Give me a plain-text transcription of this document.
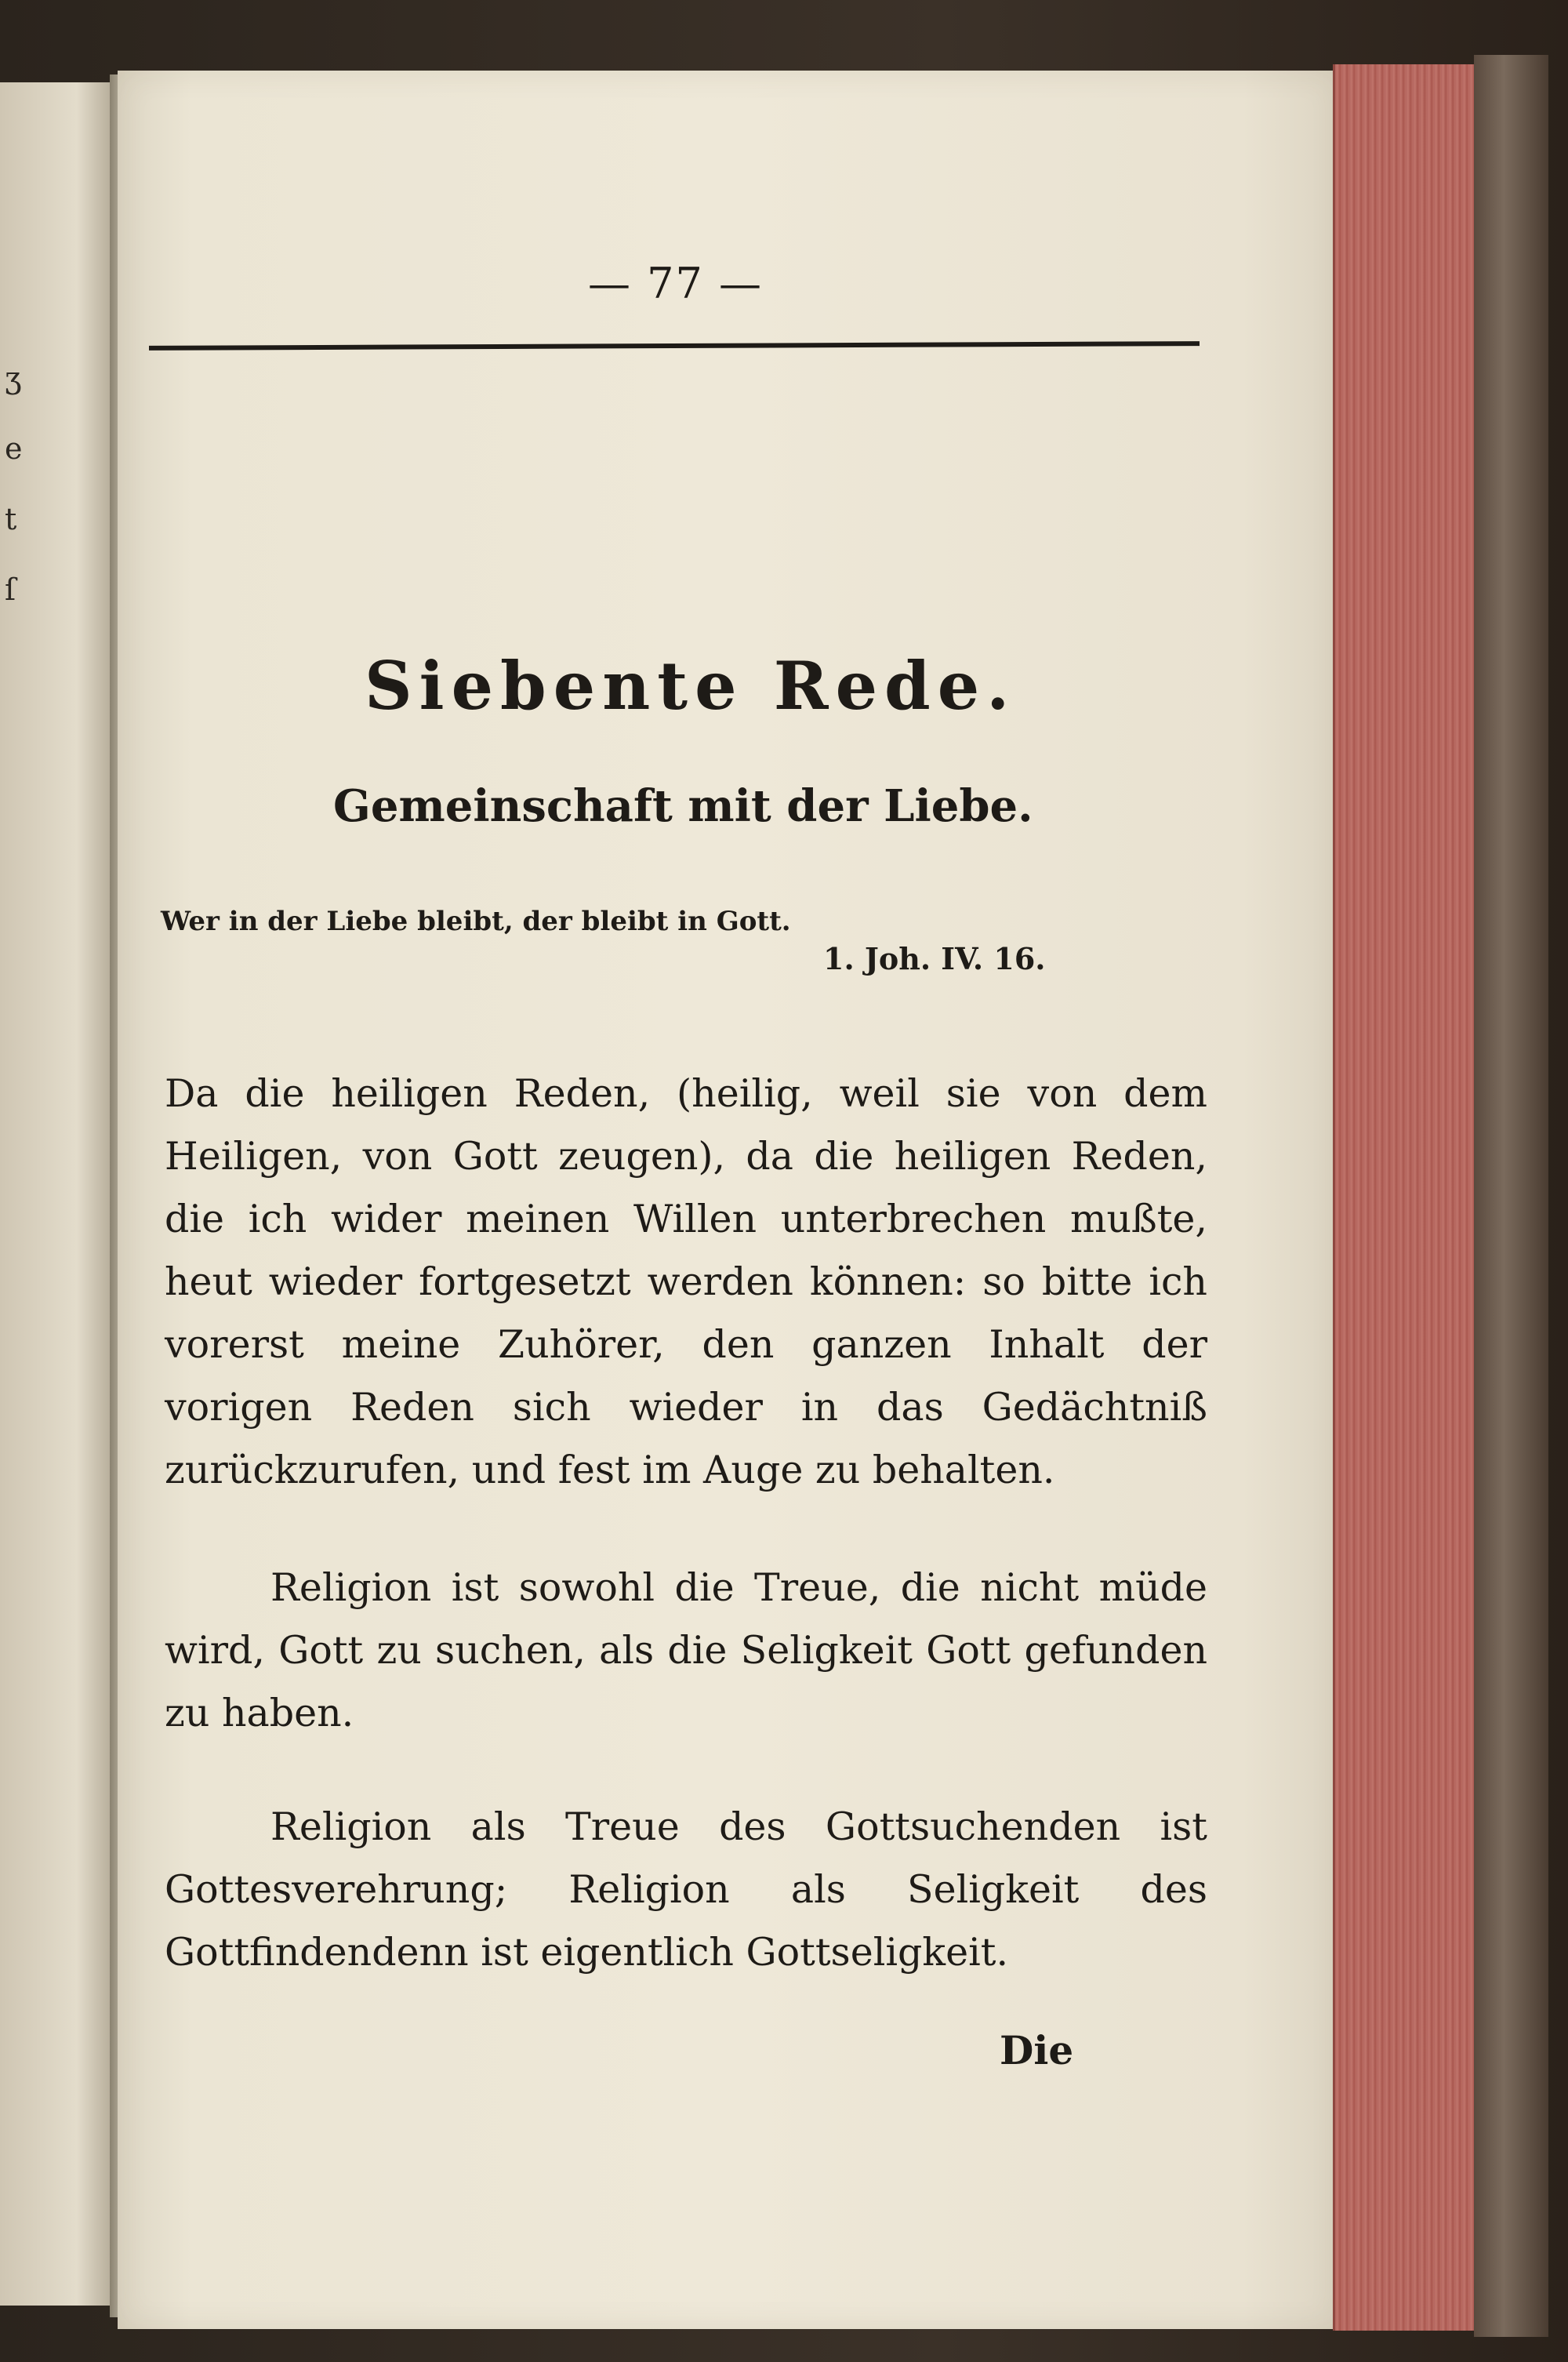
ʒ
e
t
ſ
— 77 —
Siebente Rede.
Gemeinschaft mit der Liebe.
Wer in der Liebe bleibt, der bleibt in Gott.
1. Joh. IV. 16.

Da die heiligen Reden, (heilig, weil sie von dem Heiligen, von Gott zeugen), da die heiligen Reden, die ich wider meinen Willen unterbrechen mußte, heut wieder fortgesetzt werden können: so bitte ich vorerst meine Zuhörer, den ganzen Inhalt der vorigen Reden sich wieder in das Gedächtniß zurückzurufen, und fest im Auge zu behalten.

Religion ist sowohl die Treue, die nicht müde wird, Gott zu suchen, als die Seligkeit Gott gefunden zu haben.

Religion als Treue des Gottsuchenden ist Gottesverehrung; Religion als Seligkeit des Gottfindendenn ist eigentlich Gottseligkeit.

Die
